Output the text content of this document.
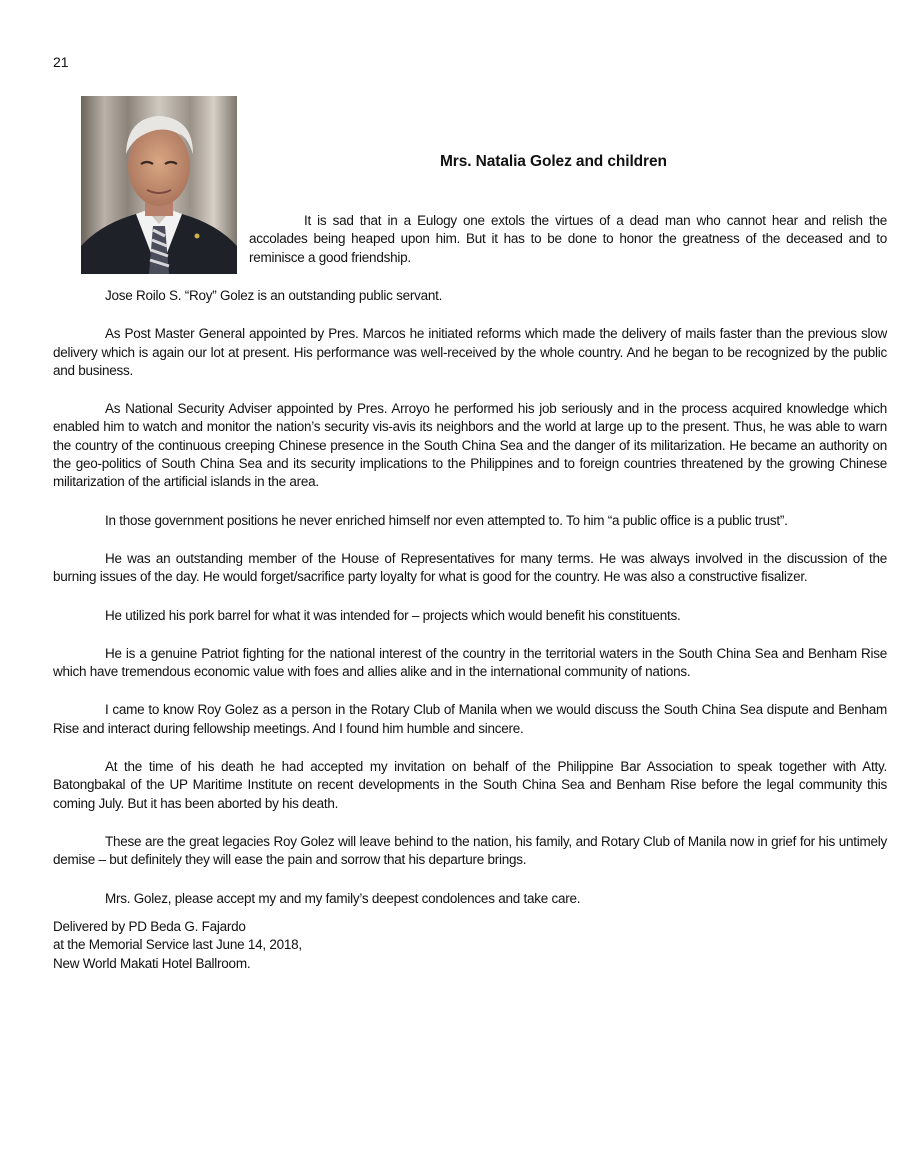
21
Mrs. Natalia Golez and children

It is sad that in a Eulogy one extols the virtues of a dead man who cannot hear and relish the accolades being heaped upon him. But it has to be done to honor the greatness of the deceased and to reminisce a good friendship.

Jose Roilo S. “Roy” Golez is an outstanding public servant.

As Post Master General appointed by Pres. Marcos he initiated reforms which made the delivery of mails faster than the previous slow delivery which is again our lot at present. His performance was well-received by the whole country. And he began to be recognized by the public and business.

As National Security Adviser appointed by Pres. Arroyo he performed his job seriously and in the process acquired knowledge which enabled him to watch and monitor the nation’s security vis-avis its neighbors and the world at large up to the present. Thus, he was able to warn the country of the continuous creeping Chinese presence in the South China Sea and the danger of its militarization. He became an authority on the geo-politics of South China Sea and its security implications to the Philippines and to foreign countries threatened by the growing Chinese militarization of the artificial islands in the area.

In those government positions he never enriched himself nor even attempted to. To him “a public office is a public trust”.

He was an outstanding member of the House of Representatives for many terms. He was always involved in the discussion of the burning issues of the day. He would forget/sacrifice party loyalty for what is good for the country. He was also a constructive fisalizer.

He utilized his pork barrel for what it was intended for – projects which would benefit his constituents.

He is a genuine Patriot fighting for the national interest of the country in the territorial waters in the South China Sea and Benham Rise which have tremendous economic value with foes and allies alike and in the international community of nations.

I came to know Roy Golez as a person in the Rotary Club of Manila when we would discuss the South China Sea dispute and Benham Rise and interact during fellowship meetings. And I found him humble and sincere.

At the time of his death he had accepted my invitation on behalf of the Philippine Bar Association to speak together with Atty. Batongbakal of the UP Maritime Institute on recent developments in the South China Sea and Benham Rise before the legal community this coming July. But it has been aborted by his death.

These are the great legacies Roy Golez will leave behind to the nation, his family, and Rotary Club of Manila now in grief for his untimely demise – but definitely they will ease the pain and sorrow that his departure brings.

Mrs. Golez, please accept my and my family’s deepest condolences and take care.

Delivered by PD Beda G. Fajardo
at the Memorial Service last June 14, 2018,
New World Makati Hotel Ballroom.
